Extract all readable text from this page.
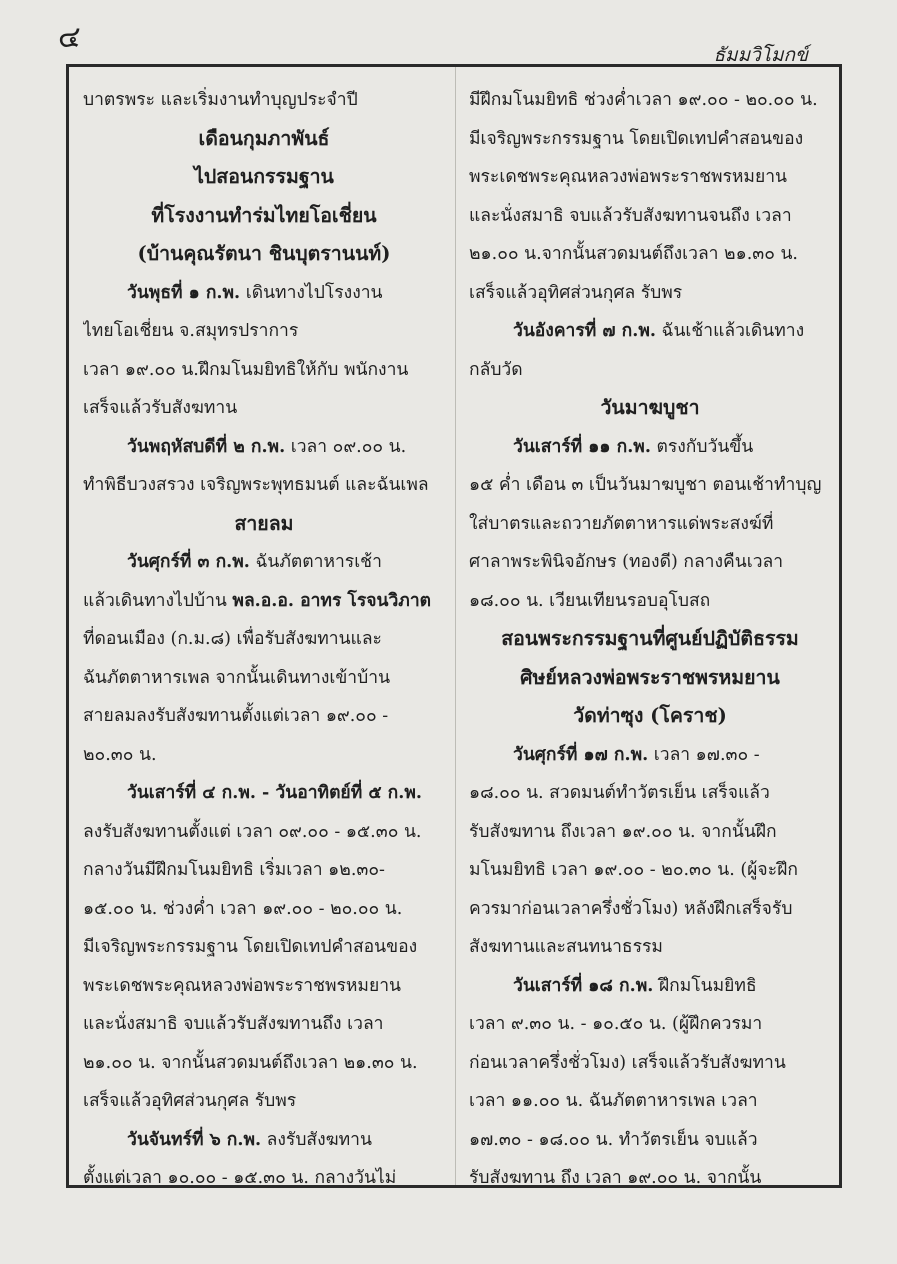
๔	ธัมมวิโมกข์
บาตรพระ และเริ่มงานทำบุญประจำปี
เดือนกุมภาพันธ์
ไปสอนกรรมฐาน
ที่โรงงานทำร่มไทยโอเชี่ยน
(บ้านคุณรัตนา ชินบุตรานนท์)
วันพุธที่ ๑ ก.พ. เดินทางไปโรงงาน
ไทยโอเชี่ยน จ.สมุทรปราการ
เวลา ๑๙.๐๐ น.ฝึกมโนมยิทธิให้กับ พนักงาน
เสร็จแล้วรับสังฆทาน
วันพฤหัสบดีที่ ๒ ก.พ. เวลา ๐๙.๐๐ น.
ทำพิธีบวงสรวง เจริญพระพุทธมนต์ และฉันเพล
สายลม
วันศุกร์ที่ ๓ ก.พ. ฉันภัตตาหารเช้า
แล้วเดินทางไปบ้าน พล.อ.อ. อาทร โรจนวิภาต
ที่ดอนเมือง (ก.ม.๘) เพื่อรับสังฆทานและ
ฉันภัตตาหารเพล จากนั้นเดินทางเข้าบ้าน
สายลมลงรับสังฆทานตั้งแต่เวลา ๑๙.๐๐ -
๒๐.๓๐ น.
วันเสาร์ที่ ๔ ก.พ. - วันอาทิตย์ที่ ๕ ก.พ.
ลงรับสังฆทานตั้งแต่ เวลา ๐๙.๐๐ - ๑๕.๓๐ น.
กลางวันมีฝึกมโนมยิทธิ เริ่มเวลา ๑๒.๓๐-
๑๕.๐๐ น. ช่วงค่ำ เวลา ๑๙.๐๐ - ๒๐.๐๐ น.
มีเจริญพระกรรมฐาน โดยเปิดเทปคำสอนของ
พระเดชพระคุณหลวงพ่อพระราชพรหมยาน
และนั่งสมาธิ จบแล้วรับสังฆทานถึง เวลา
๒๑.๐๐ น. จากนั้นสวดมนต์ถึงเวลา ๒๑.๓๐ น.
เสร็จแล้วอุทิศส่วนกุศล รับพร
วันจันทร์ที่ ๖ ก.พ. ลงรับสังฆทาน
ตั้งแต่เวลา ๑๐.๐๐ - ๑๕.๓๐ น. กลางวันไม่
มีฝึกมโนมยิทธิ ช่วงค่ำเวลา ๑๙.๐๐ - ๒๐.๐๐ น.
มีเจริญพระกรรมฐาน โดยเปิดเทปคำสอนของ
พระเดชพระคุณหลวงพ่อพระราชพรหมยาน
และนั่งสมาธิ จบแล้วรับสังฆทานจนถึง เวลา
๒๑.๐๐ น.จากนั้นสวดมนต์ถึงเวลา ๒๑.๓๐ น.
เสร็จแล้วอุทิศส่วนกุศล รับพร
วันอังคารที่ ๗ ก.พ. ฉันเช้าแล้วเดินทาง
กลับวัด
วันมาฆบูชา
วันเสาร์ที่ ๑๑ ก.พ. ตรงกับวันขึ้น
๑๕ ค่ำ เดือน ๓ เป็นวันมาฆบูชา ตอนเช้าทำบุญ
ใส่บาตรและถวายภัตตาหารแด่พระสงฆ์ที่
ศาลาพระพินิจอักษร (ทองดี) กลางคืนเวลา
๑๘.๐๐ น. เวียนเทียนรอบอุโบสถ
สอนพระกรรมฐานที่ศูนย์ปฏิบัติธรรม
ศิษย์หลวงพ่อพระราชพรหมยาน
วัดท่าซุง (โคราช)
วันศุกร์ที่ ๑๗ ก.พ. เวลา ๑๗.๓๐ -
๑๘.๐๐ น. สวดมนต์ทำวัตรเย็น เสร็จแล้ว
รับสังฆทาน ถึงเวลา ๑๙.๐๐ น. จากนั้นฝึก
มโนมยิทธิ เวลา ๑๙.๐๐ - ๒๐.๓๐ น. (ผู้จะฝึก
ควรมาก่อนเวลาครึ่งชั่วโมง) หลังฝึกเสร็จรับ
สังฆทานและสนทนาธรรม
วันเสาร์ที่ ๑๘ ก.พ. ฝึกมโนมยิทธิ
เวลา ๙.๓๐ น. - ๑๐.๕๐ น. (ผู้ฝึกควรมา
ก่อนเวลาครึ่งชั่วโมง) เสร็จแล้วรับสังฆทาน
เวลา ๑๑.๐๐ น. ฉันภัตตาหารเพล เวลา
๑๗.๓๐ - ๑๘.๐๐ น. ทำวัตรเย็น จบแล้ว
รับสังฆทาน ถึง เวลา ๑๙.๐๐ น. จากนั้น
